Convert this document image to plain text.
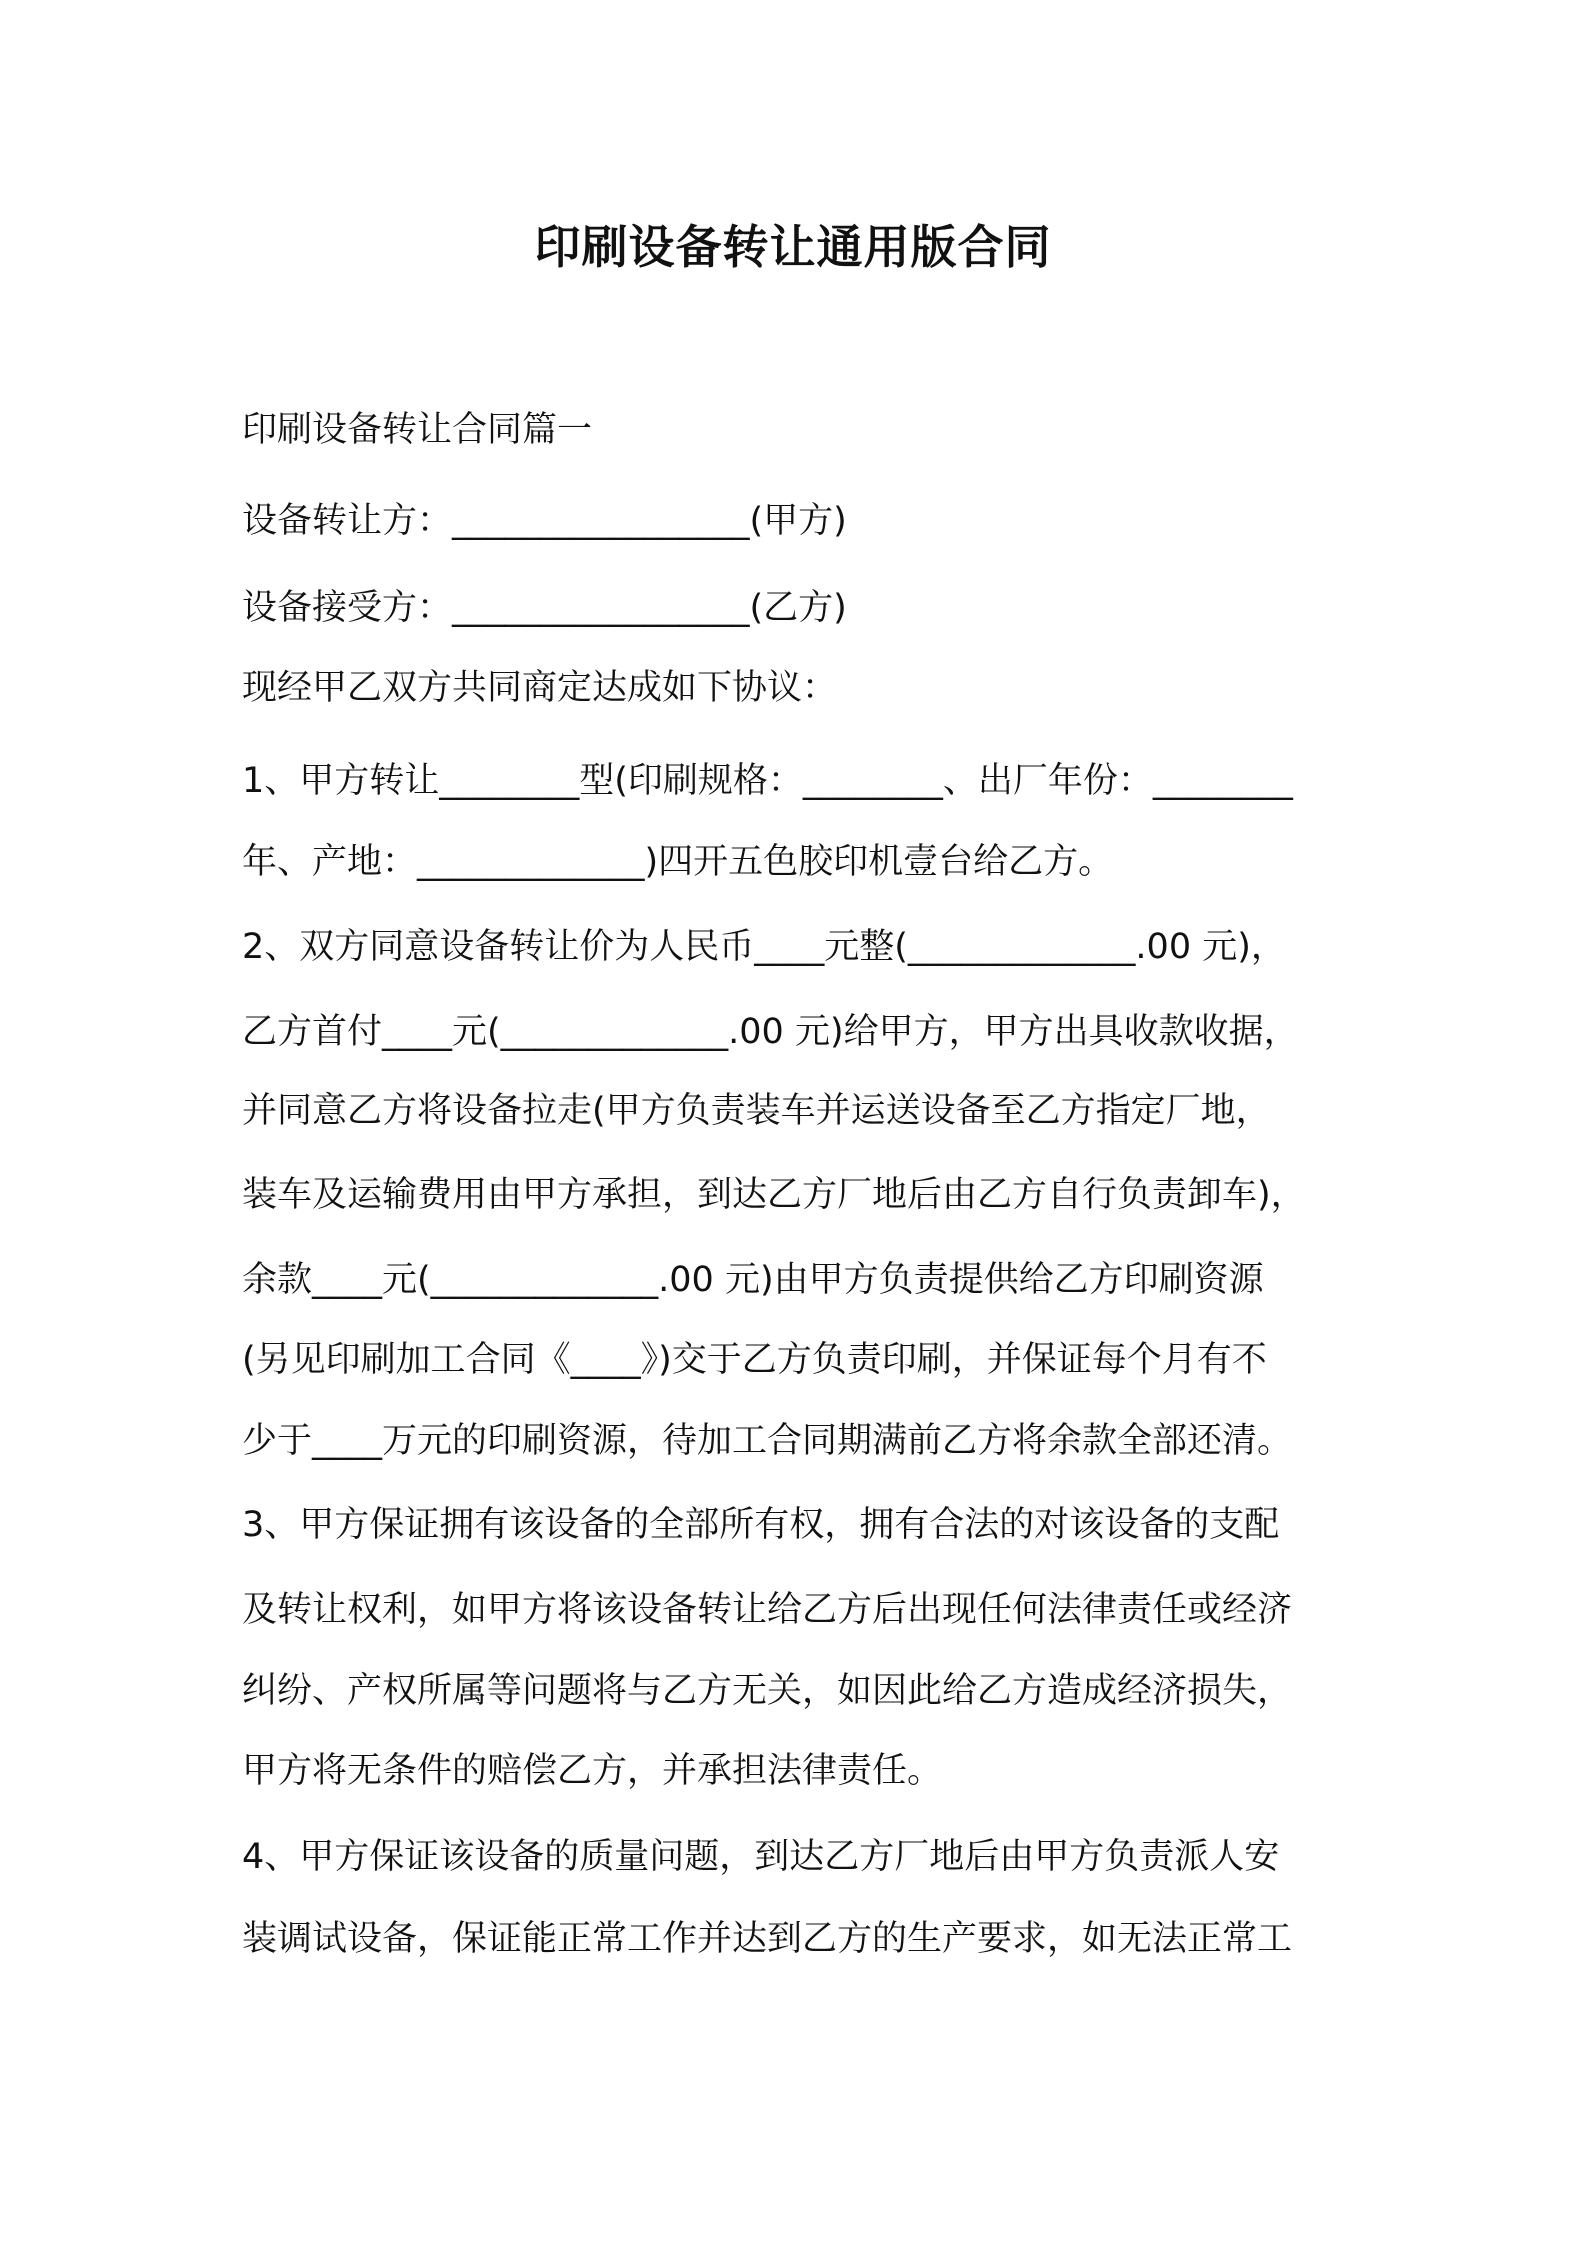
印刷设备转让通用版合同

印刷设备转让合同篇一

设备转让方：_________________(甲方)

设备接受方：_________________(乙方)

现经甲乙双方共同商定达成如下协议：

1、甲方转让________型(印刷规格：________、出厂年份：________

年、产地：_____________)四开五色胶印机壹台给乙方。

2、双方同意设备转让价为人民币____元整(_____________.00 元)，

乙方首付____元(_____________.00 元)给甲方，甲方出具收款收据，

并同意乙方将设备拉走(甲方负责装车并运送设备至乙方指定厂地，

装车及运输费用由甲方承担，到达乙方厂地后由乙方自行负责卸车)，

余款____元(_____________.00 元)由甲方负责提供给乙方印刷资源

(另见印刷加工合同《____》)交于乙方负责印刷，并保证每个月有不

少于____万元的印刷资源，待加工合同期满前乙方将余款全部还清。

3、甲方保证拥有该设备的全部所有权，拥有合法的对该设备的支配

及转让权利，如甲方将该设备转让给乙方后出现任何法律责任或经济

纠纷、产权所属等问题将与乙方无关，如因此给乙方造成经济损失，

甲方将无条件的赔偿乙方，并承担法律责任。

4、甲方保证该设备的质量问题，到达乙方厂地后由甲方负责派人安

装调试设备，保证能正常工作并达到乙方的生产要求，如无法正常工
